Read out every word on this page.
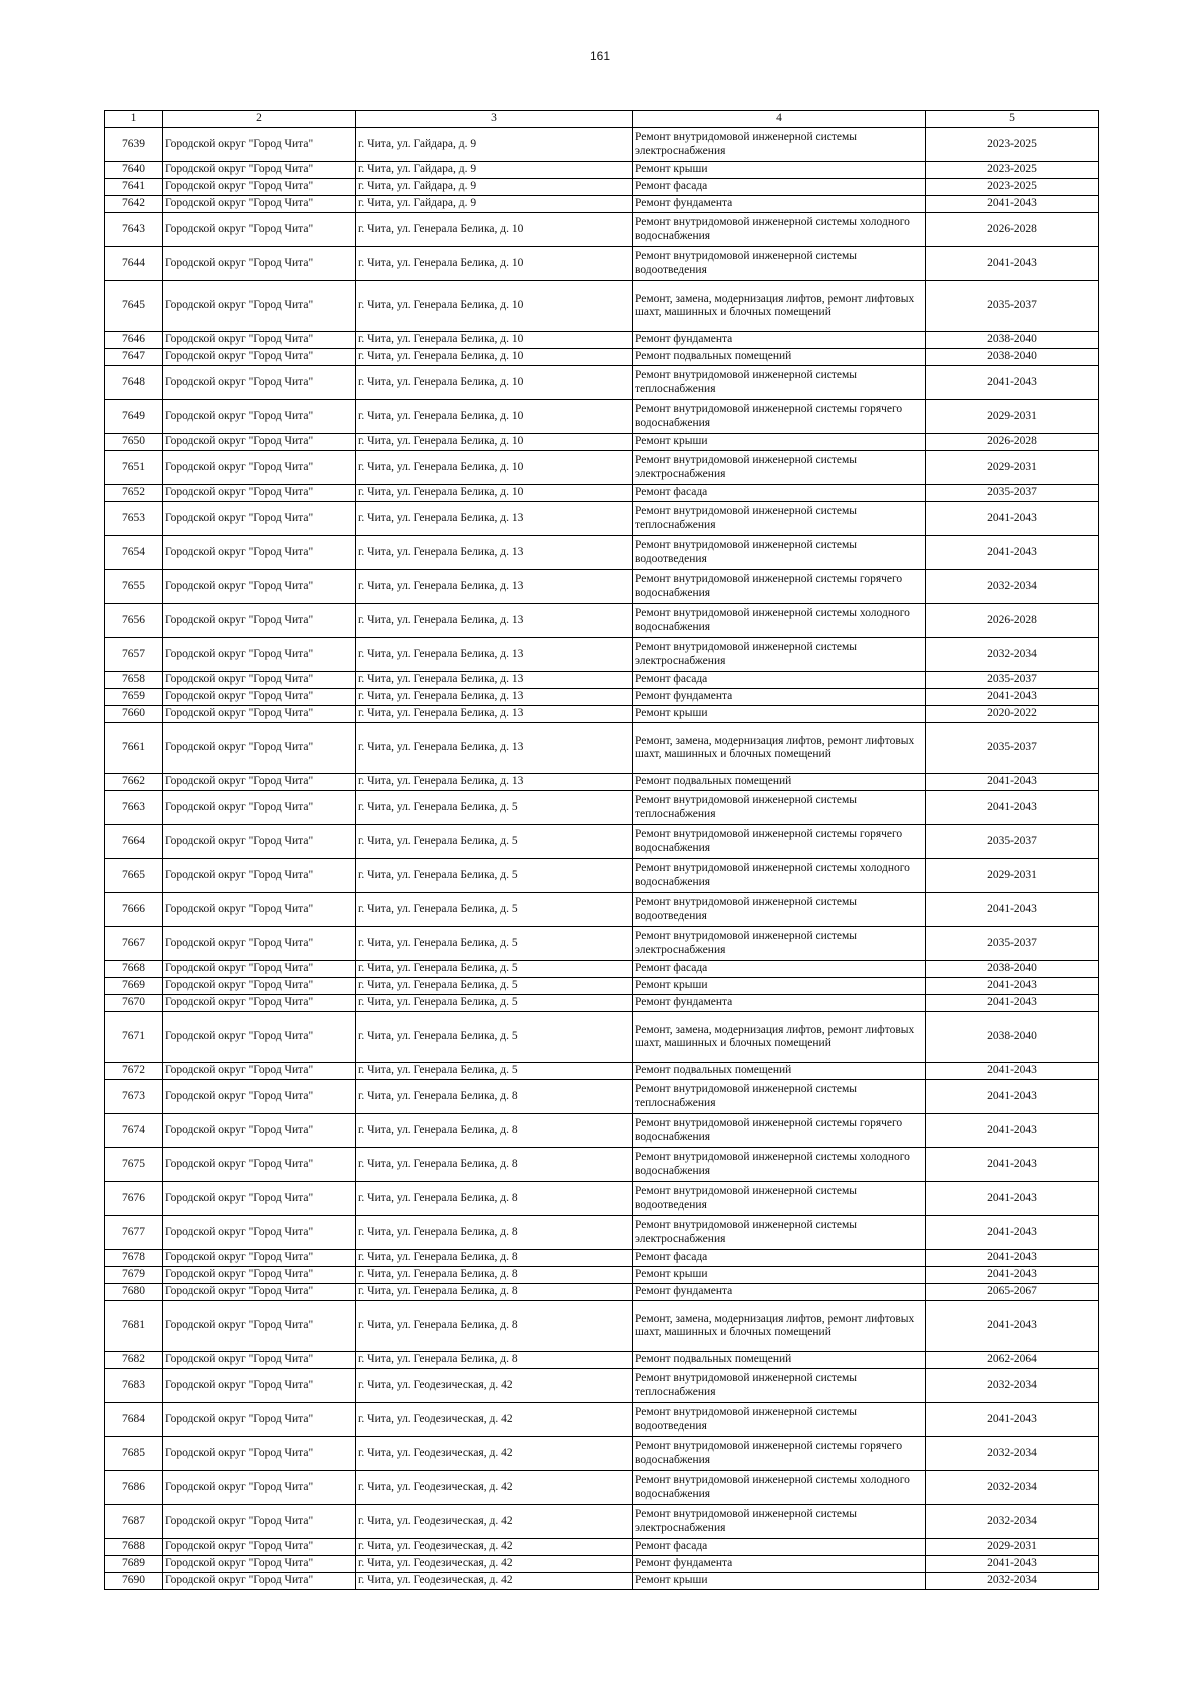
161
1	2	3	4	5
7639	Городской округ "Город Чита"	г. Чита, ул. Гайдара, д. 9	Ремонт внутридомовой инженерной системы электроснабжения	2023-2025
7640	Городской округ "Город Чита"	г. Чита, ул. Гайдара, д. 9	Ремонт крыши	2023-2025
7641	Городской округ "Город Чита"	г. Чита, ул. Гайдара, д. 9	Ремонт фасада	2023-2025
7642	Городской округ "Город Чита"	г. Чита, ул. Гайдара, д. 9	Ремонт фундамента	2041-2043
7643	Городской округ "Город Чита"	г. Чита, ул. Генерала Белика, д. 10	Ремонт внутридомовой инженерной системы холодного водоснабжения	2026-2028
7644	Городской округ "Город Чита"	г. Чита, ул. Генерала Белика, д. 10	Ремонт внутридомовой инженерной системы водоотведения	2041-2043
7645	Городской округ "Город Чита"	г. Чита, ул. Генерала Белика, д. 10	Ремонт, замена, модернизация лифтов, ремонт лифтовых шахт, машинных и блочных помещений	2035-2037
7646	Городской округ "Город Чита"	г. Чита, ул. Генерала Белика, д. 10	Ремонт фундамента	2038-2040
7647	Городской округ "Город Чита"	г. Чита, ул. Генерала Белика, д. 10	Ремонт подвальных помещений	2038-2040
7648	Городской округ "Город Чита"	г. Чита, ул. Генерала Белика, д. 10	Ремонт внутридомовой инженерной системы теплоснабжения	2041-2043
7649	Городской округ "Город Чита"	г. Чита, ул. Генерала Белика, д. 10	Ремонт внутридомовой инженерной системы горячего водоснабжения	2029-2031
7650	Городской округ "Город Чита"	г. Чита, ул. Генерала Белика, д. 10	Ремонт крыши	2026-2028
7651	Городской округ "Город Чита"	г. Чита, ул. Генерала Белика, д. 10	Ремонт внутридомовой инженерной системы электроснабжения	2029-2031
7652	Городской округ "Город Чита"	г. Чита, ул. Генерала Белика, д. 10	Ремонт фасада	2035-2037
7653	Городской округ "Город Чита"	г. Чита, ул. Генерала Белика, д. 13	Ремонт внутридомовой инженерной системы теплоснабжения	2041-2043
7654	Городской округ "Город Чита"	г. Чита, ул. Генерала Белика, д. 13	Ремонт внутридомовой инженерной системы водоотведения	2041-2043
7655	Городской округ "Город Чита"	г. Чита, ул. Генерала Белика, д. 13	Ремонт внутридомовой инженерной системы горячего водоснабжения	2032-2034
7656	Городской округ "Город Чита"	г. Чита, ул. Генерала Белика, д. 13	Ремонт внутридомовой инженерной системы холодного водоснабжения	2026-2028
7657	Городской округ "Город Чита"	г. Чита, ул. Генерала Белика, д. 13	Ремонт внутридомовой инженерной системы электроснабжения	2032-2034
7658	Городской округ "Город Чита"	г. Чита, ул. Генерала Белика, д. 13	Ремонт фасада	2035-2037
7659	Городской округ "Город Чита"	г. Чита, ул. Генерала Белика, д. 13	Ремонт фундамента	2041-2043
7660	Городской округ "Город Чита"	г. Чита, ул. Генерала Белика, д. 13	Ремонт крыши	2020-2022
7661	Городской округ "Город Чита"	г. Чита, ул. Генерала Белика, д. 13	Ремонт, замена, модернизация лифтов, ремонт лифтовых шахт, машинных и блочных помещений	2035-2037
7662	Городской округ "Город Чита"	г. Чита, ул. Генерала Белика, д. 13	Ремонт подвальных помещений	2041-2043
7663	Городской округ "Город Чита"	г. Чита, ул. Генерала Белика, д. 5	Ремонт внутридомовой инженерной системы теплоснабжения	2041-2043
7664	Городской округ "Город Чита"	г. Чита, ул. Генерала Белика, д. 5	Ремонт внутридомовой инженерной системы горячего водоснабжения	2035-2037
7665	Городской округ "Город Чита"	г. Чита, ул. Генерала Белика, д. 5	Ремонт внутридомовой инженерной системы холодного водоснабжения	2029-2031
7666	Городской округ "Город Чита"	г. Чита, ул. Генерала Белика, д. 5	Ремонт внутридомовой инженерной системы водоотведения	2041-2043
7667	Городской округ "Город Чита"	г. Чита, ул. Генерала Белика, д. 5	Ремонт внутридомовой инженерной системы электроснабжения	2035-2037
7668	Городской округ "Город Чита"	г. Чита, ул. Генерала Белика, д. 5	Ремонт фасада	2038-2040
7669	Городской округ "Город Чита"	г. Чита, ул. Генерала Белика, д. 5	Ремонт крыши	2041-2043
7670	Городской округ "Город Чита"	г. Чита, ул. Генерала Белика, д. 5	Ремонт фундамента	2041-2043
7671	Городской округ "Город Чита"	г. Чита, ул. Генерала Белика, д. 5	Ремонт, замена, модернизация лифтов, ремонт лифтовых шахт, машинных и блочных помещений	2038-2040
7672	Городской округ "Город Чита"	г. Чита, ул. Генерала Белика, д. 5	Ремонт подвальных помещений	2041-2043
7673	Городской округ "Город Чита"	г. Чита, ул. Генерала Белика, д. 8	Ремонт внутридомовой инженерной системы теплоснабжения	2041-2043
7674	Городской округ "Город Чита"	г. Чита, ул. Генерала Белика, д. 8	Ремонт внутридомовой инженерной системы горячего водоснабжения	2041-2043
7675	Городской округ "Город Чита"	г. Чита, ул. Генерала Белика, д. 8	Ремонт внутридомовой инженерной системы холодного водоснабжения	2041-2043
7676	Городской округ "Город Чита"	г. Чита, ул. Генерала Белика, д. 8	Ремонт внутридомовой инженерной системы водоотведения	2041-2043
7677	Городской округ "Город Чита"	г. Чита, ул. Генерала Белика, д. 8	Ремонт внутридомовой инженерной системы электроснабжения	2041-2043
7678	Городской округ "Город Чита"	г. Чита, ул. Генерала Белика, д. 8	Ремонт фасада	2041-2043
7679	Городской округ "Город Чита"	г. Чита, ул. Генерала Белика, д. 8	Ремонт крыши	2041-2043
7680	Городской округ "Город Чита"	г. Чита, ул. Генерала Белика, д. 8	Ремонт фундамента	2065-2067
7681	Городской округ "Город Чита"	г. Чита, ул. Генерала Белика, д. 8	Ремонт, замена, модернизация лифтов, ремонт лифтовых шахт, машинных и блочных помещений	2041-2043
7682	Городской округ "Город Чита"	г. Чита, ул. Генерала Белика, д. 8	Ремонт подвальных помещений	2062-2064
7683	Городской округ "Город Чита"	г. Чита, ул. Геодезическая, д. 42	Ремонт внутридомовой инженерной системы теплоснабжения	2032-2034
7684	Городской округ "Город Чита"	г. Чита, ул. Геодезическая, д. 42	Ремонт внутридомовой инженерной системы водоотведения	2041-2043
7685	Городской округ "Город Чита"	г. Чита, ул. Геодезическая, д. 42	Ремонт внутридомовой инженерной системы горячего водоснабжения	2032-2034
7686	Городской округ "Город Чита"	г. Чита, ул. Геодезическая, д. 42	Ремонт внутридомовой инженерной системы холодного водоснабжения	2032-2034
7687	Городской округ "Город Чита"	г. Чита, ул. Геодезическая, д. 42	Ремонт внутридомовой инженерной системы электроснабжения	2032-2034
7688	Городской округ "Город Чита"	г. Чита, ул. Геодезическая, д. 42	Ремонт фасада	2029-2031
7689	Городской округ "Город Чита"	г. Чита, ул. Геодезическая, д. 42	Ремонт фундамента	2041-2043
7690	Городской округ "Город Чита"	г. Чита, ул. Геодезическая, д. 42	Ремонт крыши	2032-2034
